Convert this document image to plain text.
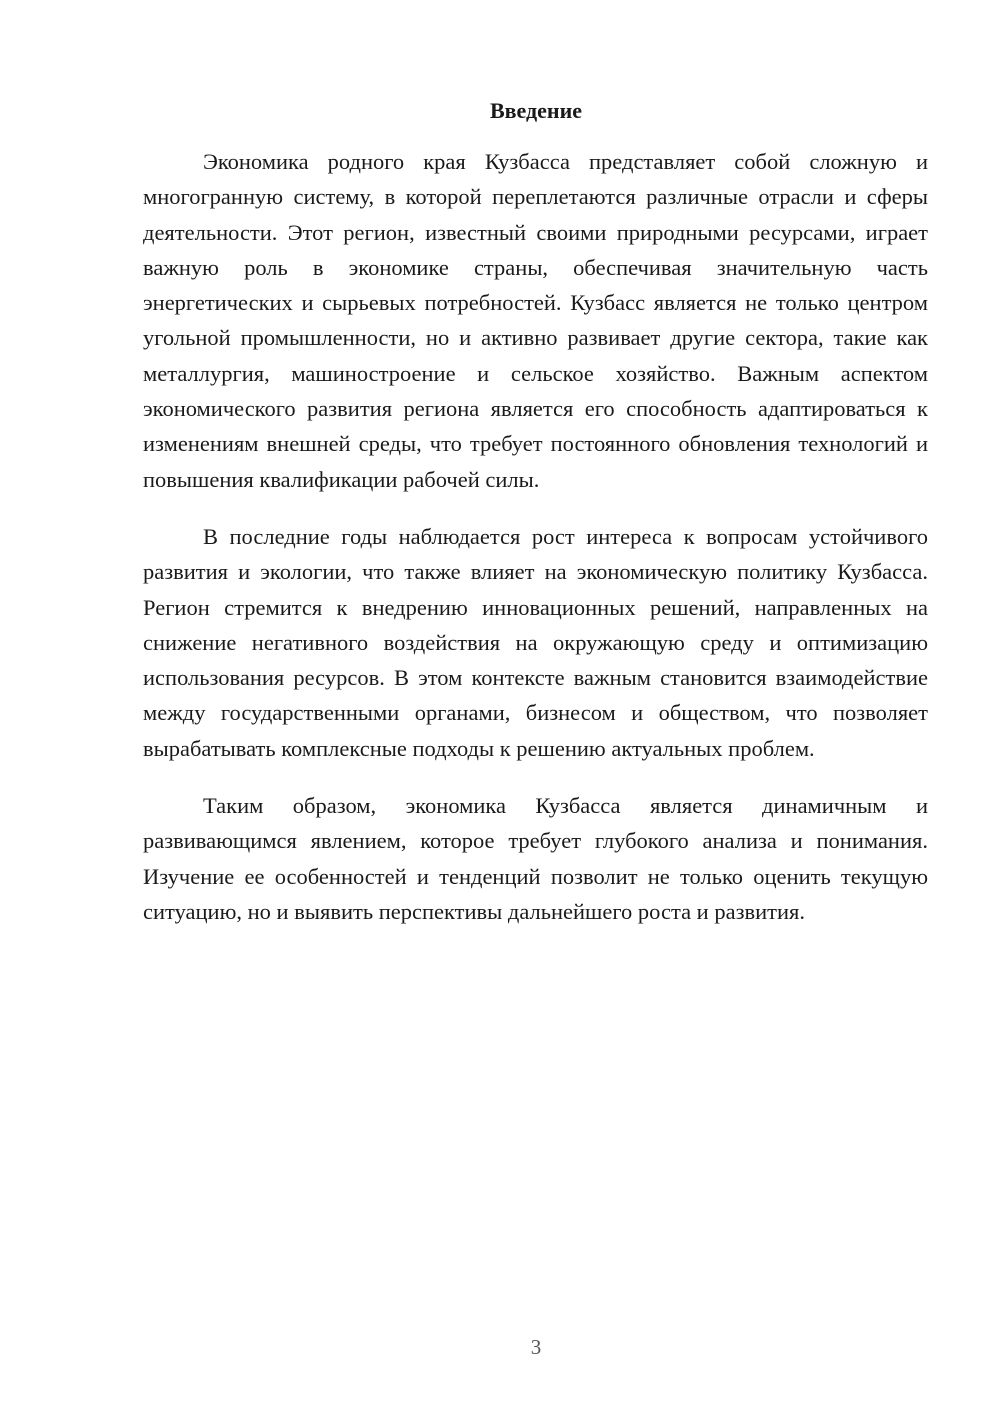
Введение

Экономика родного края Кузбасса представляет собой сложную и многогранную систему, в которой переплетаются различные отрасли и сферы деятельности. Этот регион, известный своими природными ресурсами, играет важную роль в экономике страны, обеспечивая значительную часть энергетических и сырьевых потребностей. Кузбасс является не только центром угольной промышленности, но и активно развивает другие сектора, такие как металлургия, машиностроение и сельское хозяйство. Важным аспектом экономического развития региона является его способность адаптироваться к изменениям внешней среды, что требует постоянного обновления технологий и повышения квалификации рабочей силы.

В последние годы наблюдается рост интереса к вопросам устойчивого развития и экологии, что также влияет на экономическую политику Кузбасса. Регион стремится к внедрению инновационных решений, направленных на снижение негативного воздействия на окружающую среду и оптимизацию использования ресурсов. В этом контексте важным становится взаимодействие между государственными органами, бизнесом и обществом, что позволяет вырабатывать комплексные подходы к решению актуальных проблем.

Таким образом, экономика Кузбасса является динамичным и развивающимся явлением, которое требует глубокого анализа и понимания. Изучение ее особенностей и тенденций позволит не только оценить текущую ситуацию, но и выявить перспективы дальнейшего роста и развития.

3
